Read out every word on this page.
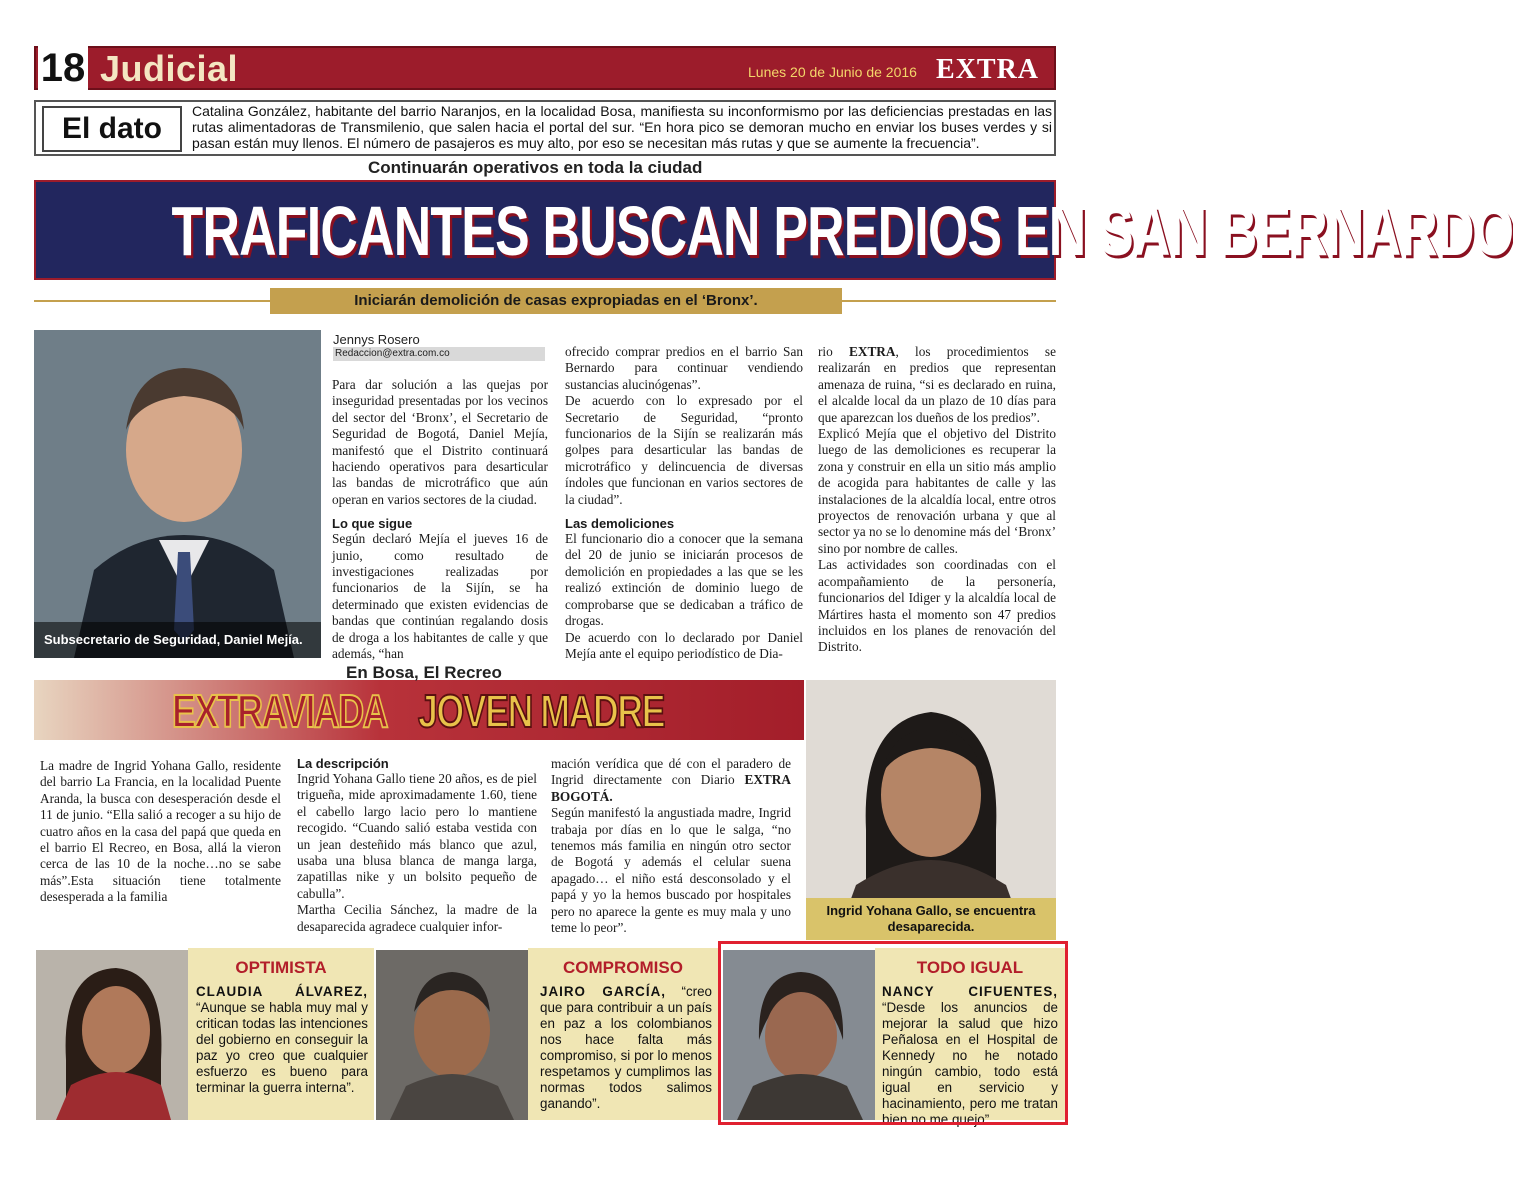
18 Judicial	Lunes 20 de Junio de 2016 EXTRA
El dato
Catalina González, habitante del barrio Naranjos, en la localidad Bosa, manifiesta su inconformismo por las deficiencias prestadas en las rutas alimentadoras de Transmilenio, que salen hacia el portal del sur. “En hora pico se demoran mucho en enviar los buses verdes y si pasan están muy llenos. El número de pasajeros es muy alto, por eso se necesitan más rutas y que se aumente la frecuencia”.
Continuarán operativos en toda la ciudad
TRAFICANTES BUSCAN PREDIOS EN SAN BERNARDO
Iniciarán demolición de casas expropiadas en el ‘Bronx’.
Subsecretario de Seguridad, Daniel Mejía.
Jennys Rosero
Redaccion@extra.com.co

Para dar solución a las quejas por inseguridad presentadas por los vecinos del sector del ‘Bronx’, el Secretario de Seguridad de Bogotá, Daniel Mejía, manifestó que el Distrito continuará haciendo operativos para desarticular las bandas de microtráfico que aún operan en varios sectores de la ciudad.

Lo que sigue

Según declaró Mejía el jueves 16 de junio, como resultado de investigaciones realizadas por funcionarios de la Sijín, se ha determinado que existen evidencias de bandas que continúan regalando dosis de droga a los habitantes de calle y que además, “han

ofrecido comprar predios en el barrio San Bernardo para continuar vendiendo sustancias alucinógenas”.

De acuerdo con lo expresado por el Secretario de Seguridad, “pronto funcionarios de la Sijín se realizarán más golpes para desarticular las bandas de microtráfico y delincuencia de diversas índoles que funcionan en varios sectores de la ciudad”.

Las demoliciones

El funcionario dio a conocer que la semana del 20 de junio se iniciarán procesos de demolición en propiedades a las que se les realizó extinción de dominio luego de comprobarse que se dedicaban a tráfico de drogas.

De acuerdo con lo declarado por Daniel Mejía ante el equipo periodístico de Dia-

rio EXTRA, los procedimientos se realizarán en predios que representan amenaza de ruina, “si es declarado en ruina, el alcalde local da un plazo de 10 días para que aparezcan los dueños de los predios”.

Explicó Mejía que el objetivo del Distrito luego de las demoliciones es recuperar la zona y construir en ella un sitio más amplio de acogida para habitantes de calle y las instalaciones de la alcaldía local, entre otros proyectos de renovación urbana y que al sector ya no se lo denomine más del ‘Bronx’ sino por nombre de calles.

Las actividades son coordinadas con el acompañamiento de la personería, funcionarios del Idiger y la alcaldía local de Mártires hasta el momento son 47 predios incluidos en los planes de renovación del Distrito.

En Bosa, El Recreo
EXTRAVIADA JOVEN MADRE
Ingrid Yohana Gallo, se encuentra desaparecida.

La madre de Ingrid Yohana Gallo, residente del barrio La Francia, en la localidad Puente Aranda, la busca con desesperación desde el 11 de junio. “Ella salió a recoger a su hijo de cuatro años en la casa del papá que queda en el barrio El Recreo, en Bosa, allá la vieron cerca de las 10 de la noche…no se sabe más”.Esta situación tiene totalmente desesperada a la familia

La descripción

Ingrid Yohana Gallo tiene 20 años, es de piel trigueña, mide aproximadamente 1.60, tiene el cabello largo lacio pero lo mantiene recogido. “Cuando salió estaba vestida con un jean desteñido más blanco que azul, usaba una blusa blanca de manga larga, zapatillas nike y un bolsito pequeño de cabulla”.

Martha Cecilia Sánchez, la madre de la desaparecida agradece cualquier infor-

mación verídica que dé con el paradero de Ingrid directamente con Diario EXTRA BOGOTÁ.

Según manifestó la angustiada madre, Ingrid trabaja por días en lo que le salga, “no tenemos más familia en ningún otro sector de Bogotá y además el celular suena apagado… el niño está desconsolado y el papá y yo la hemos buscado por hospitales pero no aparece la gente es muy mala y uno teme lo peor”.

OPTIMISTA
CLAUDIA ÁLVAREZ, “Aunque se habla muy mal y critican todas las intenciones del gobierno en conseguir la paz yo creo que cualquier esfuerzo es bueno para terminar la guerra interna”.
COMPROMISO
JAIRO GARCÍA, “creo que para contribuir a un país en paz a los colombianos nos hace falta más compromiso, si por lo menos respetamos y cumplimos las normas todos salimos ganando”.
TODO IGUAL
NANCY CIFUENTES, “Desde los anuncios de mejorar la salud que hizo Peñalosa en el Hospital de Kennedy no he notado ningún cambio, todo está igual en servicio y hacinamiento, pero me tratan bien no me quejo”.
